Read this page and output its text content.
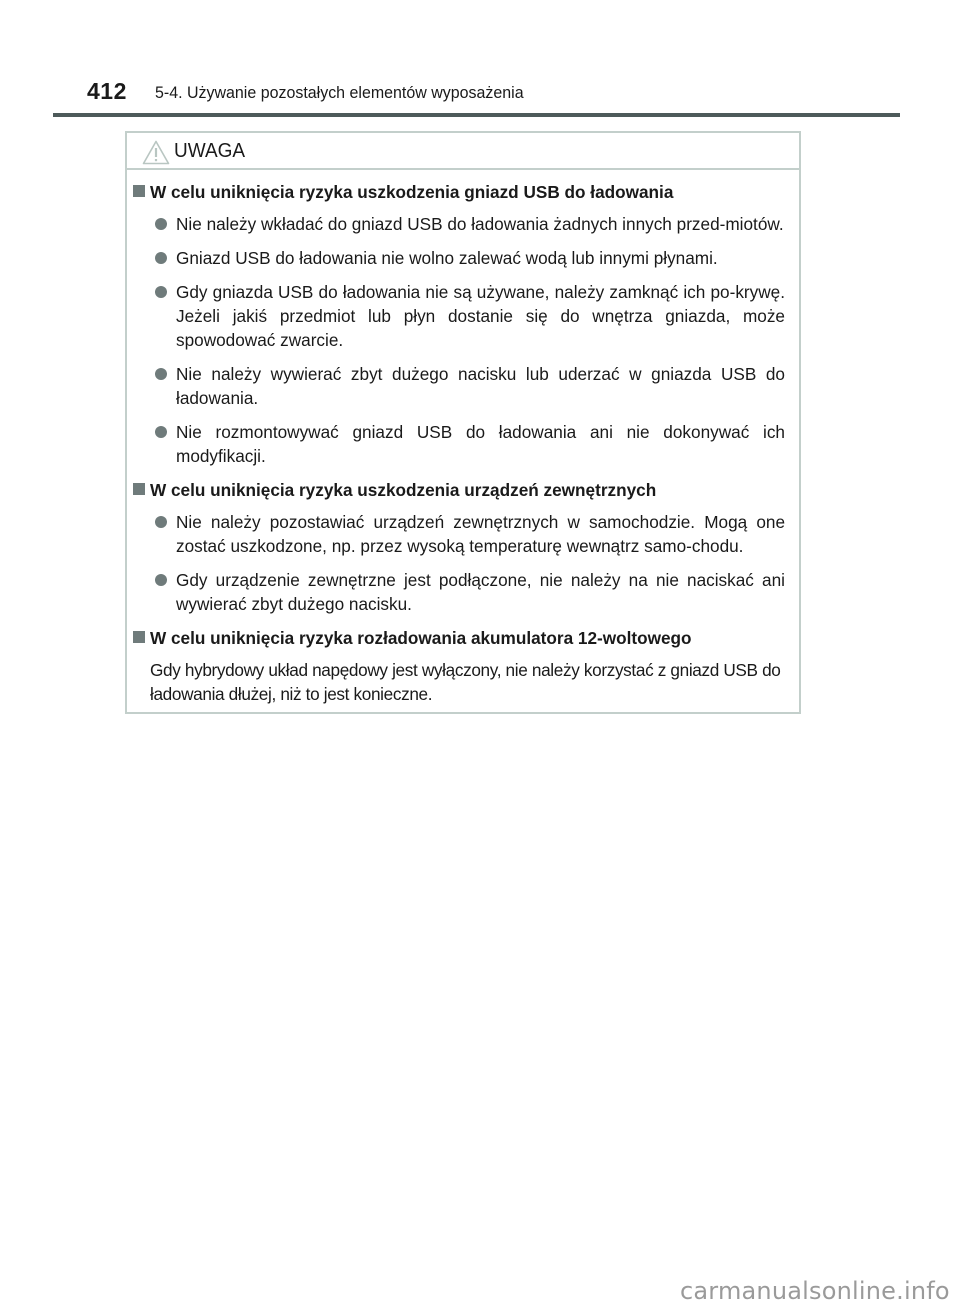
412 5-4. Używanie pozostałych elementów wyposażenia
UWAGA
W celu uniknięcia ryzyka uszkodzenia gniazd USB do ładowania
Nie należy wkładać do gniazd USB do ładowania żadnych innych przed-miotów.
Gniazd USB do ładowania nie wolno zalewać wodą lub innymi płynami.
Gdy gniazda USB do ładowania nie są używane, należy zamknąć ich po-krywę. Jeżeli jakiś przedmiot lub płyn dostanie się do wnętrza gniazda, może spowodować zwarcie.
Nie należy wywierać zbyt dużego nacisku lub uderzać w gniazda USB do ładowania.
Nie rozmontowywać gniazd USB do ładowania ani nie dokonywać ich modyfikacji.
W celu uniknięcia ryzyka uszkodzenia urządzeń zewnętrznych
Nie należy pozostawiać urządzeń zewnętrznych w samochodzie. Mogą one zostać uszkodzone, np. przez wysoką temperaturę wewnątrz samo-chodu.
Gdy urządzenie zewnętrzne jest podłączone, nie należy na nie naciskać ani wywierać zbyt dużego nacisku.
W celu uniknięcia ryzyka rozładowania akumulatora 12-woltowego
Gdy hybrydowy układ napędowy jest wyłączony, nie należy korzystać z gniazd USB do ładowania dłużej, niż to jest konieczne.
carmanualsonline.info
